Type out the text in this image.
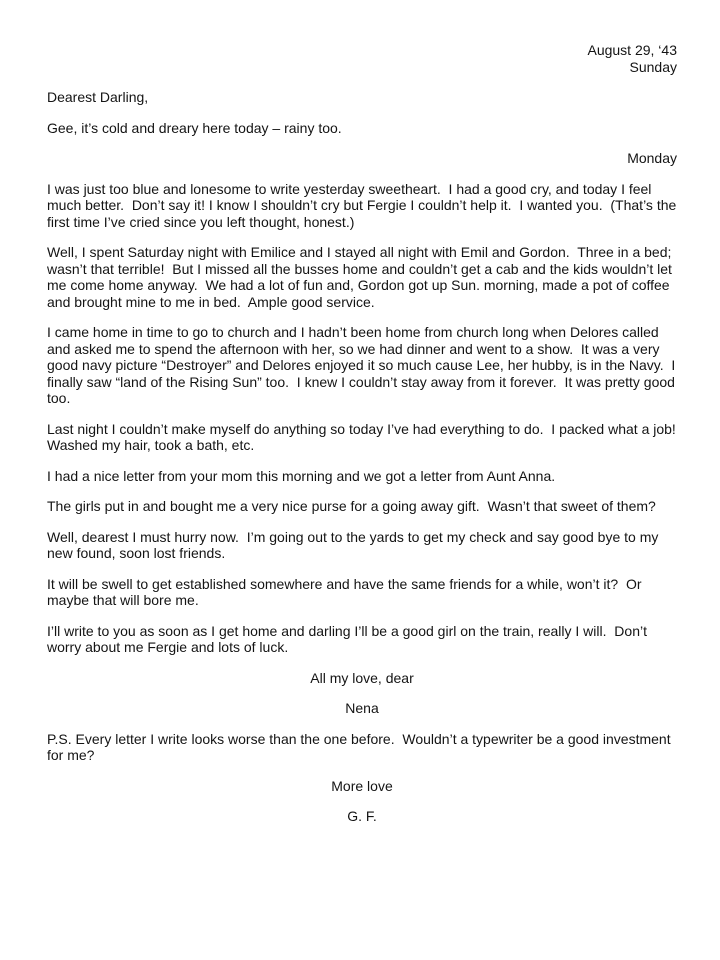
August 29, ‘43

Sunday

Dearest Darling,

Gee, it’s cold and dreary here today – rainy too.

Monday

I was just too blue and lonesome to write yesterday sweetheart.  I had a good cry, and today I feel much better.  Don’t say it! I know I shouldn’t cry but Fergie I couldn’t help it.  I wanted you.  (That’s the first time I’ve cried since you left thought, honest.)

Well, I spent Saturday night with Emilice and I stayed all night with Emil and Gordon.  Three in a bed; wasn’t that terrible!  But I missed all the busses home and couldn’t get a cab and the kids wouldn’t let me come home anyway.  We had a lot of fun and, Gordon got up Sun. morning, made a pot of coffee and brought mine to me in bed.  Ample good service.

I came home in time to go to church and I hadn’t been home from church long when Delores called and asked me to spend the afternoon with her, so we had dinner and went to a show.  It was a very good navy picture “Destroyer” and Delores enjoyed it so much cause Lee, her hubby, is in the Navy.  I finally saw “land of the Rising Sun” too.  I knew I couldn’t stay away from it forever.  It was pretty good too.

Last night I couldn’t make myself do anything so today I’ve had everything to do.  I packed what a job!  Washed my hair, took a bath, etc.

I had a nice letter from your mom this morning and we got a letter from Aunt Anna.

The girls put in and bought me a very nice purse for a going away gift.  Wasn’t that sweet of them?

Well, dearest I must hurry now.  I’m going out to the yards to get my check and say good bye to my new found, soon lost friends.

It will be swell to get established somewhere and have the same friends for a while, won’t it?  Or maybe that will bore me.

I’ll write to you as soon as I get home and darling I’ll be a good girl on the train, really I will.  Don’t worry about me Fergie and lots of luck.

All my love, dear

Nena

P.S. Every letter I write looks worse than the one before.  Wouldn’t a typewriter be a good investment for me?

More love

G. F.
